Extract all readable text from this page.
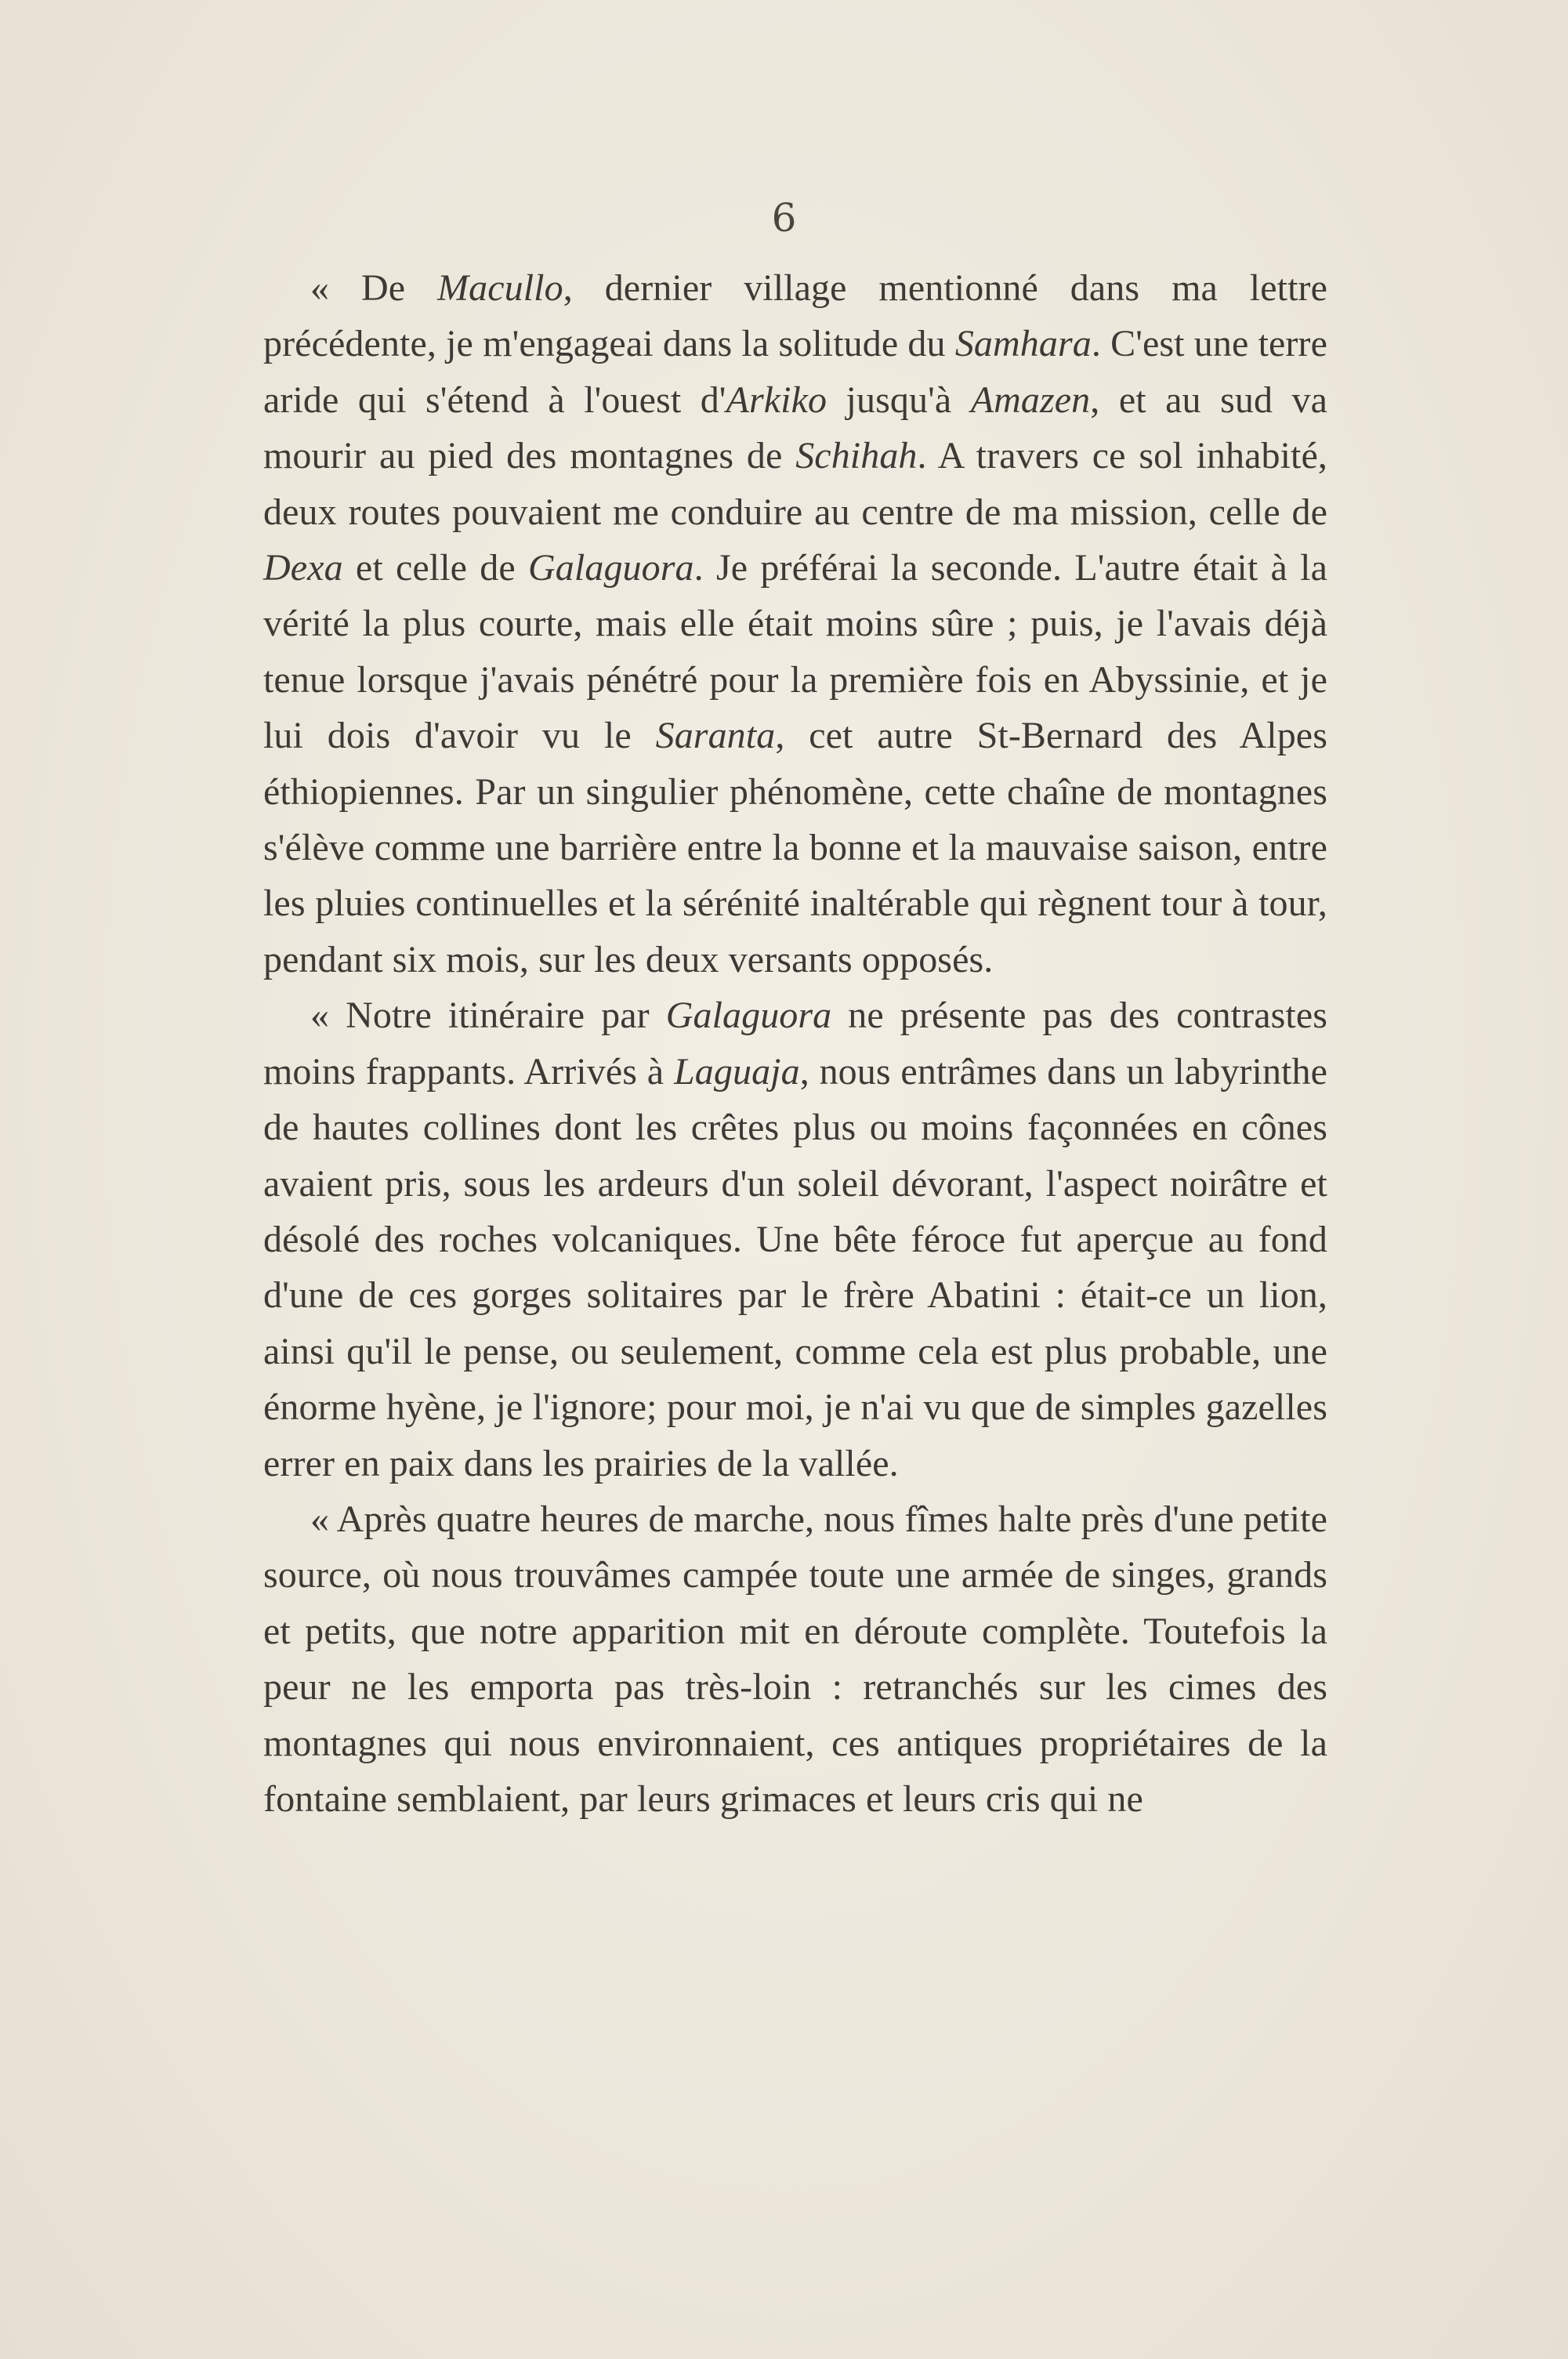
6

« De Macullo, dernier village mentionné dans ma lettre précédente, je m'engageai dans la solitude du Samhara. C'est une terre aride qui s'étend à l'ouest d'Arkiko jusqu'à Amazen, et au sud va mourir au pied des montagnes de Schihah. A travers ce sol inhabité, deux routes pouvaient me conduire au centre de ma mission, celle de Dexa et celle de Galaguora. Je préférai la seconde. L'autre était à la vérité la plus courte, mais elle était moins sûre ; puis, je l'avais déjà tenue lorsque j'avais pénétré pour la première fois en Abyssinie, et je lui dois d'avoir vu le Saranta, cet autre St-Bernard des Alpes éthiopiennes. Par un singulier phénomène, cette chaîne de montagnes s'élève comme une barrière entre la bonne et la mauvaise saison, entre les pluies continuelles et la sérénité inaltérable qui règnent tour à tour, pendant six mois, sur les deux versants opposés.

« Notre itinéraire par Galaguora ne présente pas des contrastes moins frappants. Arrivés à Laguaja, nous entrâmes dans un labyrinthe de hautes collines dont les crêtes plus ou moins façonnées en cônes avaient pris, sous les ardeurs d'un soleil dévorant, l'aspect noirâtre et désolé des roches volcaniques. Une bête féroce fut aperçue au fond d'une de ces gorges solitaires par le frère Abatini : était-ce un lion, ainsi qu'il le pense, ou seulement, comme cela est plus probable, une énorme hyène, je l'ignore; pour moi, je n'ai vu que de simples gazelles errer en paix dans les prairies de la vallée.

« Après quatre heures de marche, nous fîmes halte près d'une petite source, où nous trouvâmes campée toute une armée de singes, grands et petits, que notre apparition mit en déroute complète. Toutefois la peur ne les emporta pas très-loin : retranchés sur les cimes des montagnes qui nous environnaient, ces antiques propriétaires de la fontaine semblaient, par leurs grimaces et leurs cris qui ne
